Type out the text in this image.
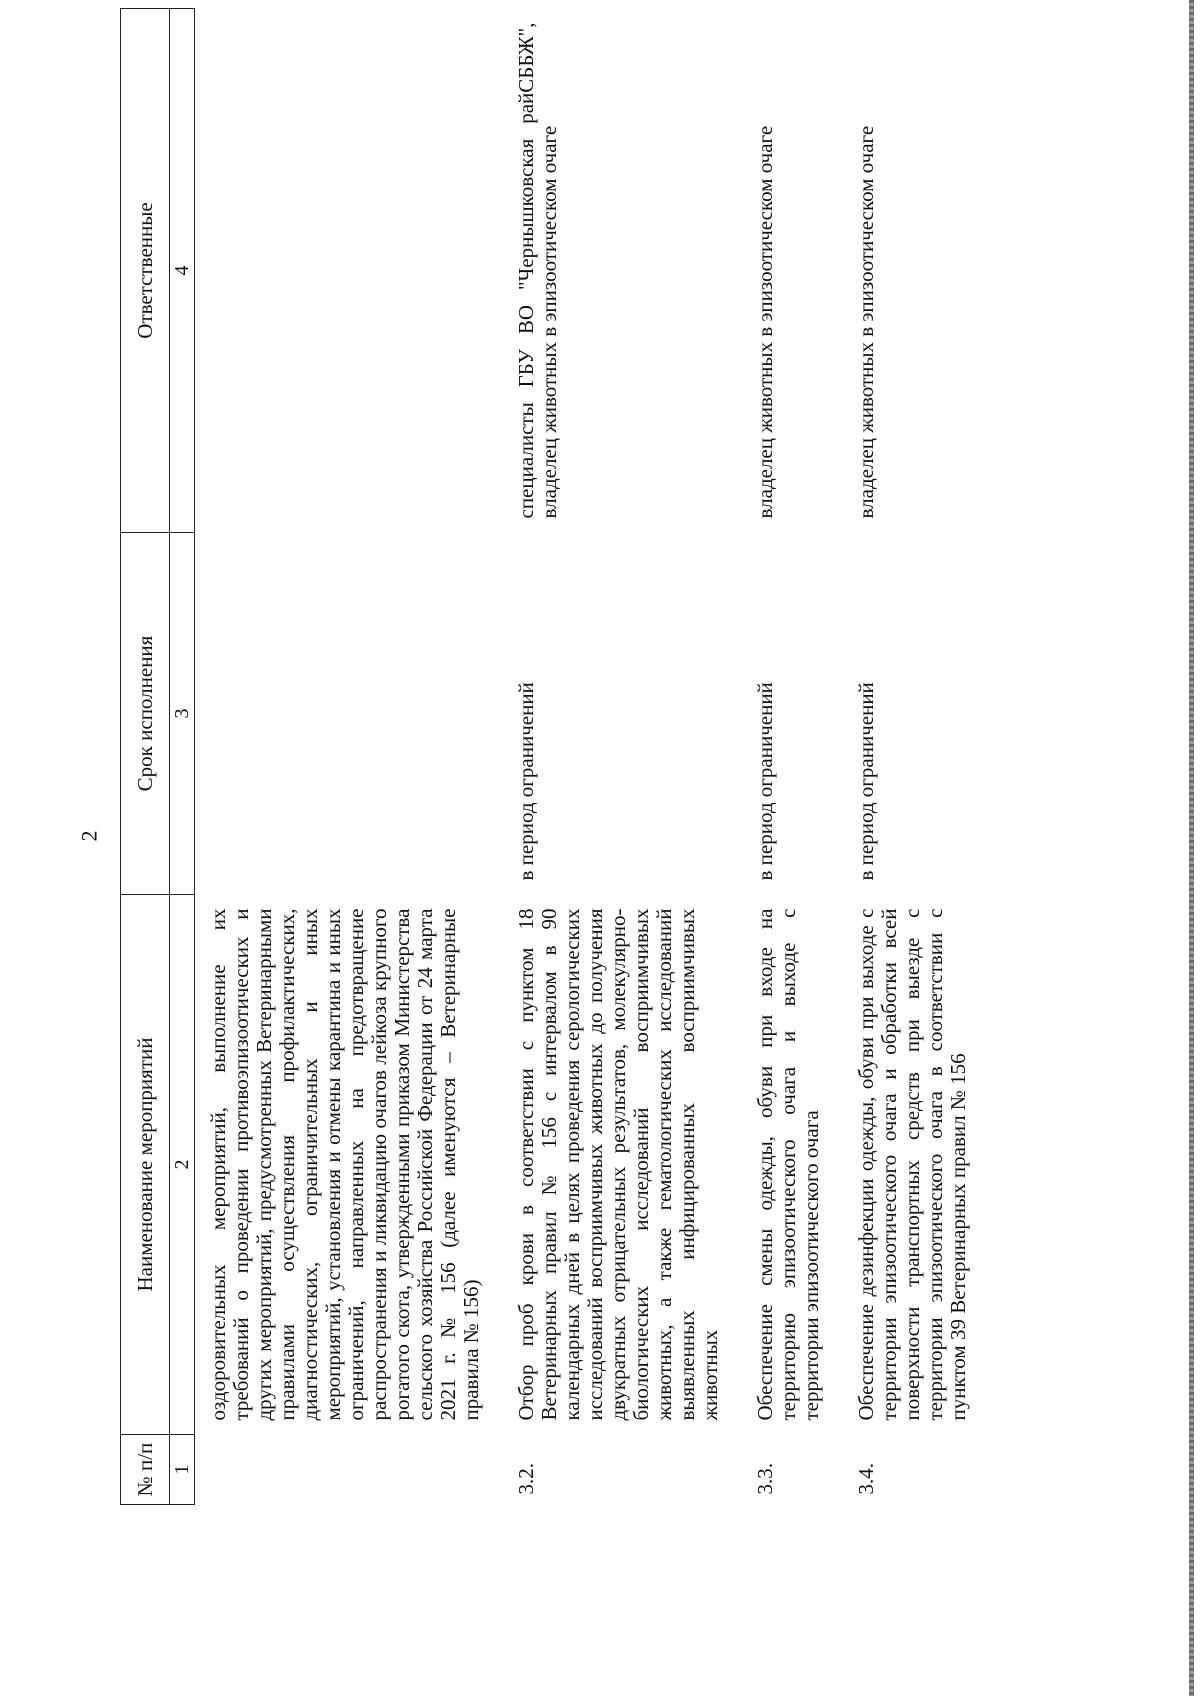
2
№ п/п	Наименование мероприятий	Срок исполнения	Ответственные
1	2	3	4
	оздоровительных мероприятий, выполнение их требований о проведении противоэпизоотических и других мероприятий, предусмотренных Ветеринарными правилами осуществления профилактических, диагностических, ограничительных и иных мероприятий, установления и отмены карантина и иных ограничений, направленных на предотвращение распространения и ликвидацию очагов лейкоза крупного рогатого скота, утвержденными приказом Министерства сельского хозяйства Российской Федерации от 24 марта 2021 г. № 156 (далее именуются – Ветеринарные правила № 156)		
3.2.	Отбор проб крови в соответствии с пунктом 18 Ветеринарных правил № 156 с интервалом в 90 календарных дней в целях проведения серологических исследований восприимчивых животных до получения двукратных отрицательных результатов, молекулярно-биологических исследований восприимчивых животных, а также гематологических исследований выявленных инфицированных восприимчивых животных	в период ограничений	специалисты ГБУ ВО "Чернышковская райСББЖ", владелец животных в эпизоотическом очаге
3.3.	Обеспечение смены одежды, обуви при входе на территорию эпизоотического очага и выходе с территории эпизоотического очага	в период ограничений	владелец животных в эпизоотическом очаге
3.4.	Обеспечение дезинфекции одежды, обуви при выходе с территории эпизоотического очага и обработки всей поверхности транспортных средств при выезде с территории эпизоотического очага в соответствии с пунктом 39 Ветеринарных правил № 156	в период ограничений	владелец животных в эпизоотическом очаге
